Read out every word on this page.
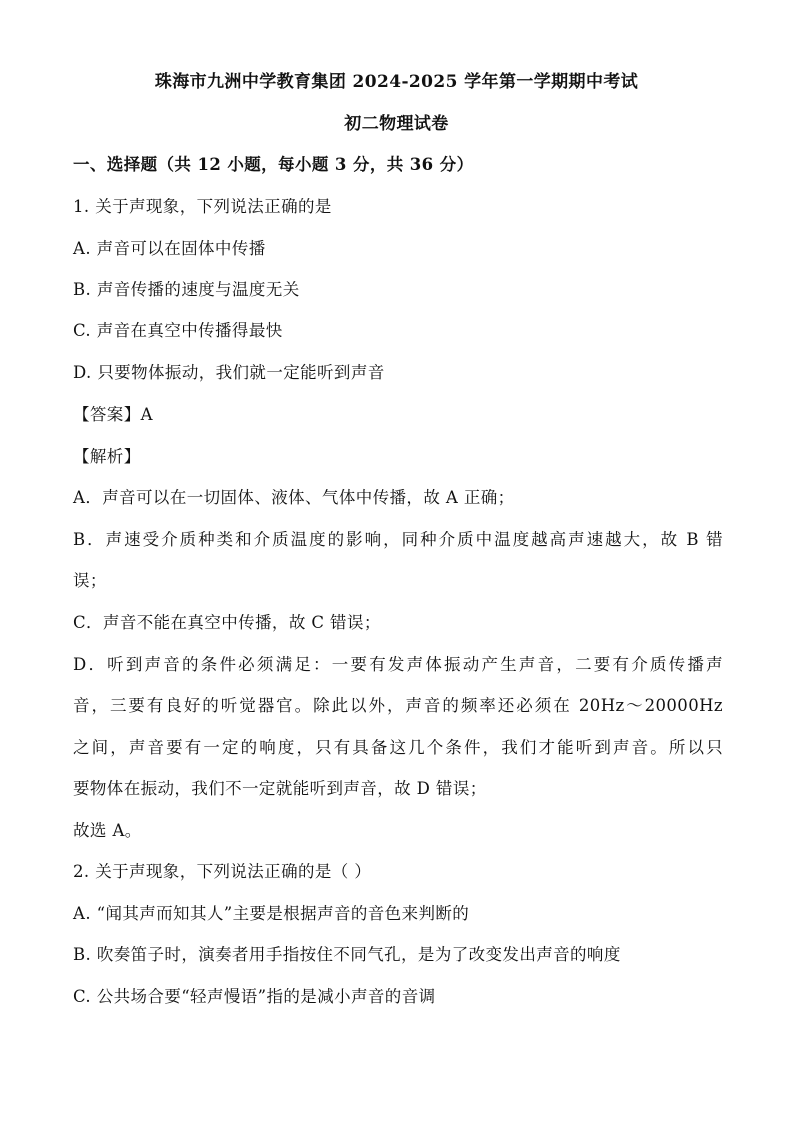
珠海市九洲中学教育集团 2024-2025 学年第一学期期中考试
初二物理试卷
一、选择题（共 12 小题，每小题 3 分，共 36 分）
1. 关于声现象，下列说法正确的是
A. 声音可以在固体中传播
B. 声音传播的速度与温度无关
C. 声音在真空中传播得最快
D. 只要物体振动，我们就一定能听到声音
【答案】A
【解析】
A．声音可以在一切固体、液体、气体中传播，故 A 正确；
B．声速受介质种类和介质温度的影响，同种介质中温度越高声速越大，故 B 错
误；
C．声音不能在真空中传播，故 C 错误；
D．听到声音的条件必须满足：一要有发声体振动产生声音，二要有介质传播声
音，三要有良好的听觉器官。除此以外，声音的频率还必须在 20Hz～20000Hz
之间，声音要有一定的响度，只有具备这几个条件，我们才能听到声音。所以只
要物体在振动，我们不一定就能听到声音，故 D 错误；
故选 A。
2. 关于声现象，下列说法正确的是（ ）
A. “闻其声而知其人”主要是根据声音的音色来判断的
B. 吹奏笛子时，演奏者用手指按住不同气孔，是为了改变发出声音的响度
C. 公共场合要“轻声慢语”指的是减小声音的音调
